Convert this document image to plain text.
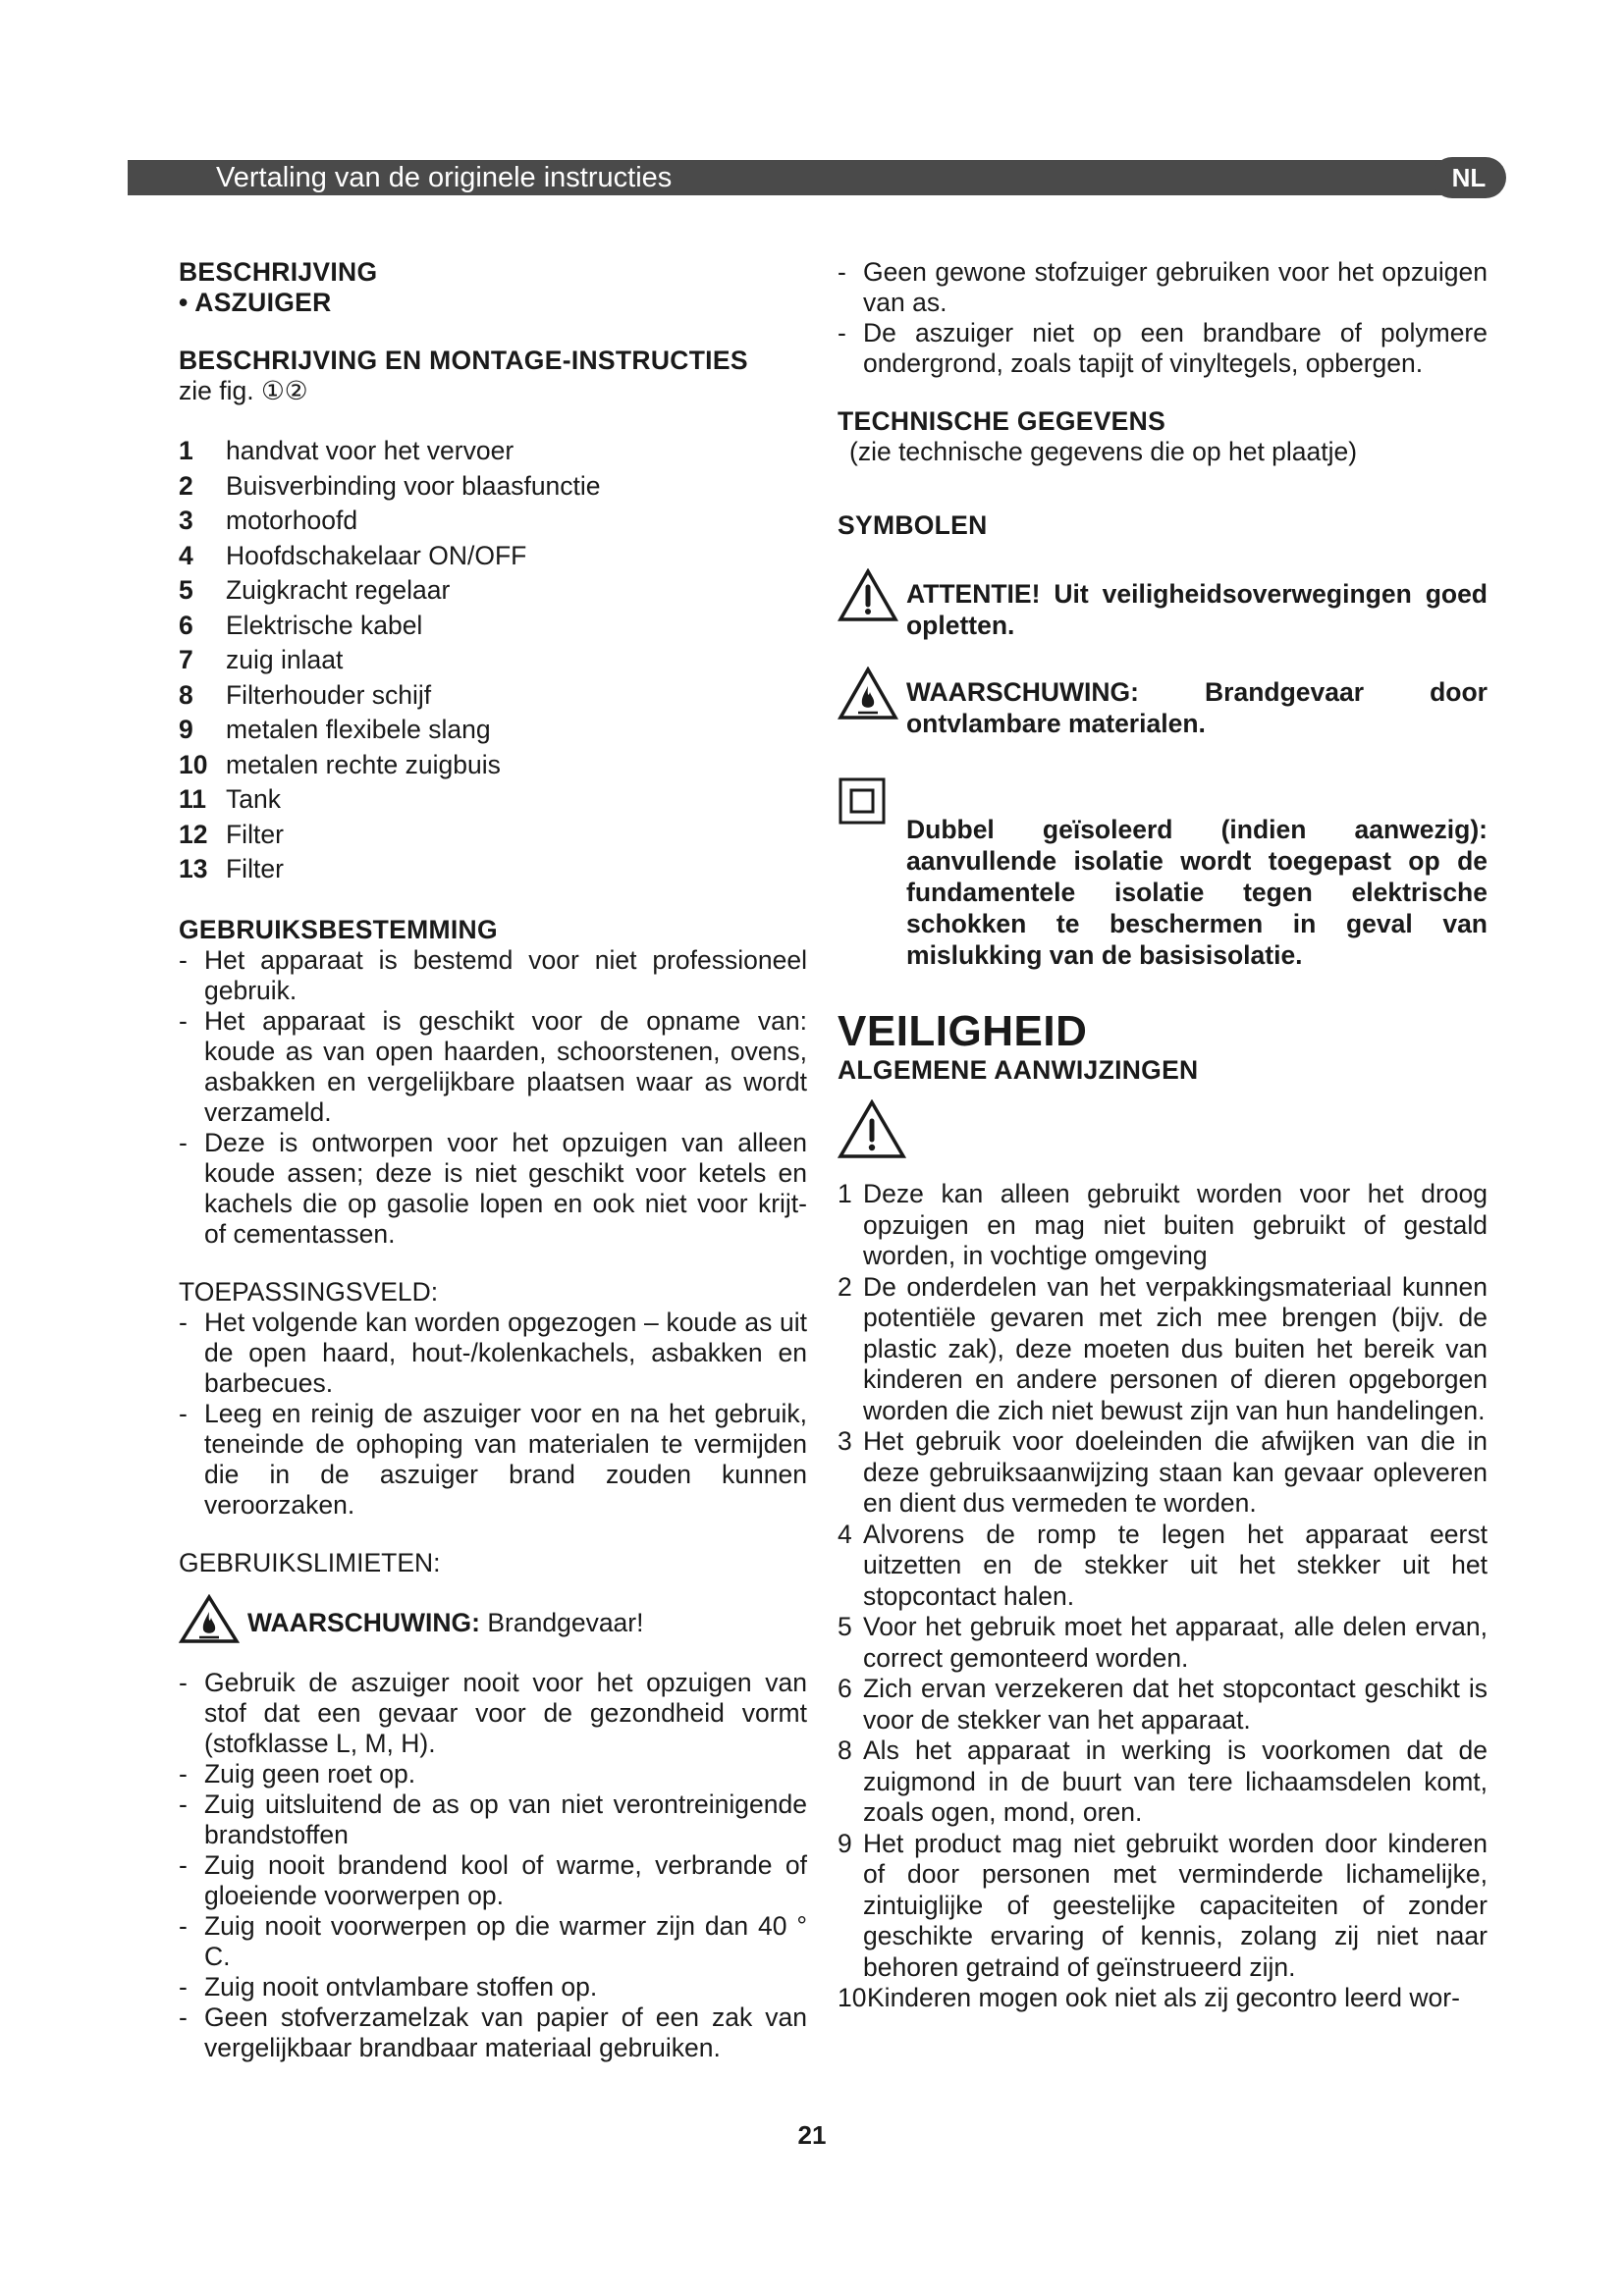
Vertaling van de originele instructies	NL
BESCHRIJVING
• ASZUIGER
BESCHRIJVING EN MONTAGE-INSTRUCTIES
zie fig. ①②
1	handvat voor het vervoer
2	Buisverbinding voor blaasfunctie
3	motorhoofd
4	Hoofdschakelaar ON/OFF
5	Zuigkracht regelaar
6	Elektrische kabel
7	zuig inlaat
8	Filterhouder schijf
9	metalen flexibele slang
10 metalen rechte zuigbuis
11 Tank
12 Filter
13 Filter
GEBRUIKSBESTEMMING
- Het apparaat is bestemd voor niet professioneel gebruik.
- Het apparaat is geschikt voor de opname van: koude as van open haarden, schoorstenen, ovens, asbakken en vergelijkbare plaatsen waar as wordt verzameld.
- Deze is ontworpen voor het opzuigen van alleen koude assen; deze is niet geschikt voor ketels en kachels die op gasolie lopen en ook niet voor krijt- of cementassen.
TOEPASSINGSVELD:
- Het volgende kan worden opgezogen – koude as uit de open haard, hout-/kolenkachels, asbakken en barbecues.
- Leeg en reinig de aszuiger voor en na het gebruik, teneinde de ophoping van materialen te vermijden die in de aszuiger brand zouden kunnen veroorzaken.
GEBRUIKSLIMIETEN:
WAARSCHUWING:
Brandgevaar!
- Gebruik de aszuiger nooit voor het opzuigen van stof dat een gevaar voor de gezondheid vormt (stofklasse L, M, H).
- Zuig geen roet op.
- Zuig uitsluitend de as op van niet verontreinigende brandstoffen
- Zuig nooit brandend kool of warme, verbrande of gloeiende voorwerpen op.
- Zuig nooit voorwerpen op die warmer zijn dan 40 ° C.
- Zuig nooit ontvlambare stoffen op.
- Geen stofverzamelzak van papier of een zak van vergelijkbaar brandbaar materiaal gebruiken.
- Geen gewone stofzuiger gebruiken voor het opzuigen van as.
- De aszuiger niet op een brandbare of polymere ondergrond, zoals tapijt of vinyltegels, opbergen.
TECHNISCHE GEGEVENS
(zie technische gegevens die op het plaatje)
SYMBOLEN
ATTENTIE! Uit veiligheidsoverwegingen goed opletten.
WAARSCHUWING: Brandgevaar door ontvlambare materialen.
Dubbel geïsoleerd (indien aanwezig): aanvullende isolatie wordt toegepast op de fundamentele isolatie tegen elektrische schokken te beschermen in geval van mislukking van de basisisolatie.
VEILIGHEID
ALGEMENE AANWIJZINGEN
1 Deze kan alleen gebruikt worden voor het droog opzuigen en mag niet buiten gebruikt of gestald worden, in vochtige omgeving
2 De onderdelen van het verpakkingsmateriaal kunnen potentiële gevaren met zich mee brengen (bijv. de plastic zak), deze moeten dus buiten het bereik van kinderen en andere personen of dieren opgeborgen worden die zich niet bewust zijn van hun handelingen.
3 Het gebruik voor doeleinden die afwijken van die in deze gebruiksaanwijzing staan kan gevaar opleveren en dient dus vermeden te worden.
4 Alvorens de romp te legen het apparaat eerst uitzetten en de stekker uit het stekker uit het stopcontact halen.
5 Voor het gebruik moet het apparaat, alle delen ervan, correct gemonteerd worden.
6 Zich ervan verzekeren dat het stopcontact geschikt is voor de stekker van het apparaat.
8 Als het apparaat in werking is voorkomen dat de zuigmond in de buurt van tere lichaamsdelen komt, zoals ogen, mond, oren.
9 Het product mag niet gebruikt worden door kinderen of door personen met verminderde lichamelijke, zintuiglijke of geestelijke capaciteiten of zonder geschikte ervaring of kennis, zolang zij niet naar behoren getraind of geïnstrueerd zijn.
10 Kinderen mogen ook niet als zij gecontro leerd wor-
21
